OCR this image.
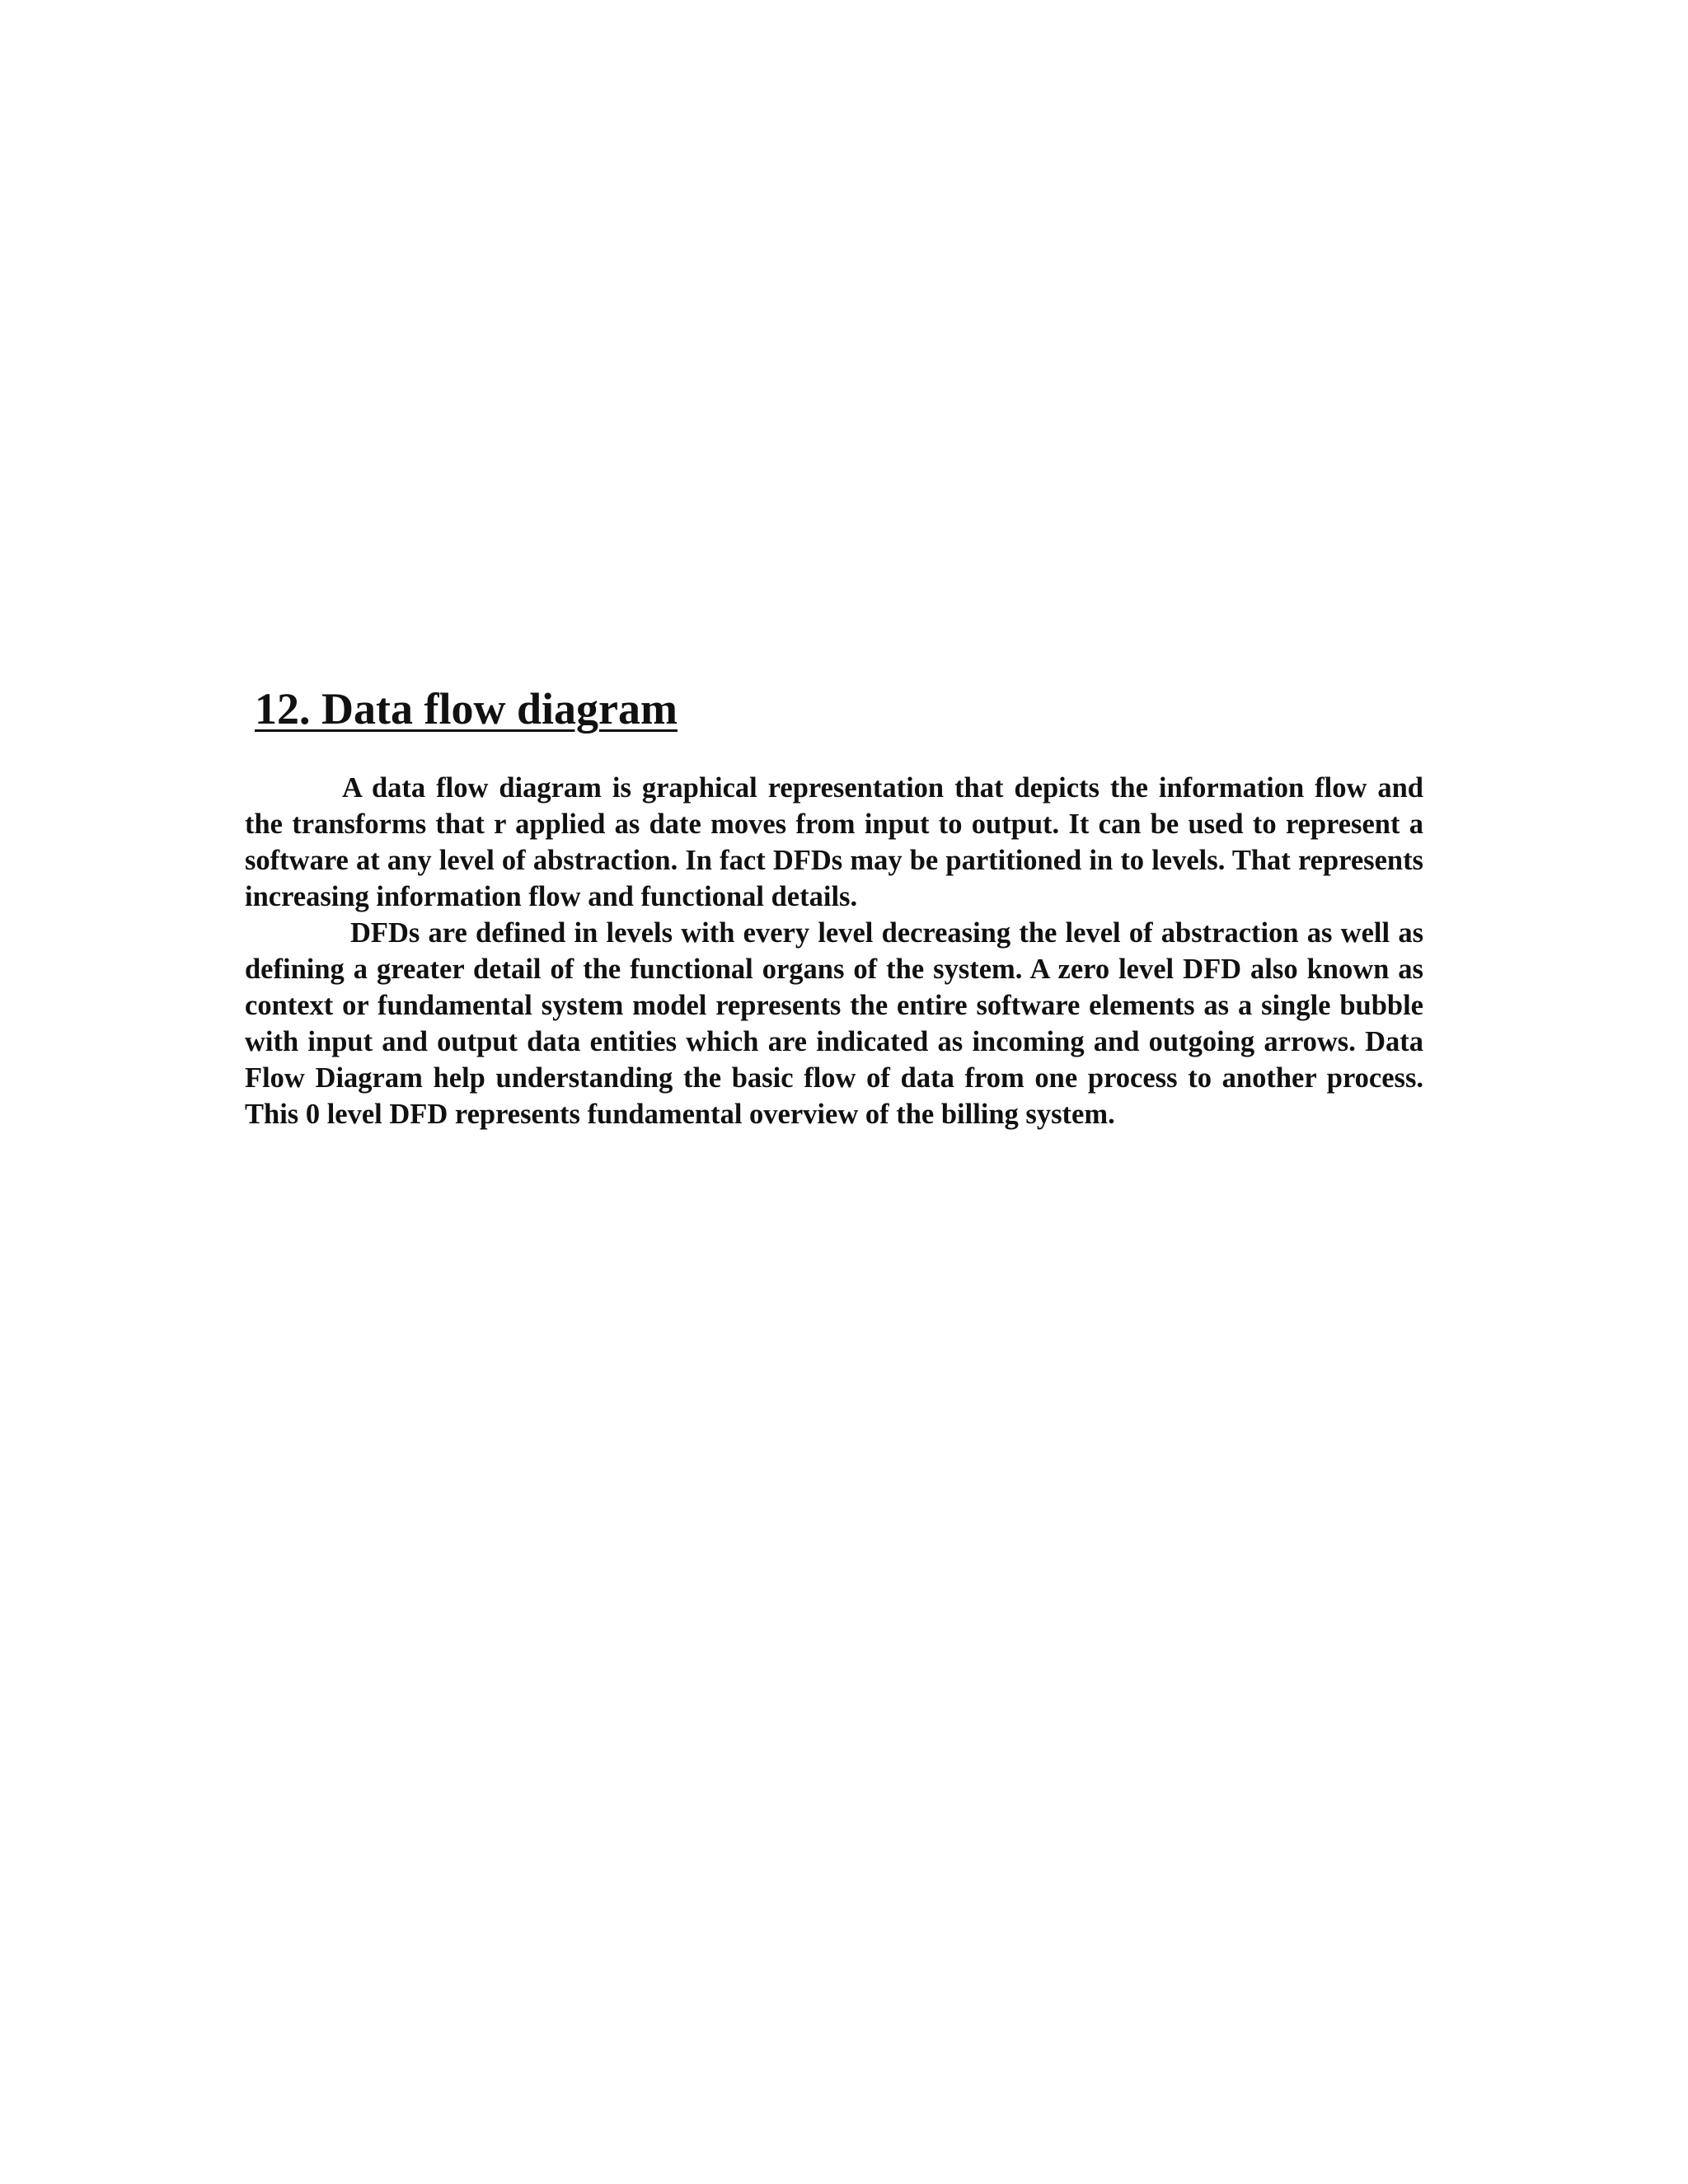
12. Data flow diagram

A data flow diagram is graphical representation that depicts the information flow and the transforms that r applied as date moves from input to output. It can be used to represent a software at any level of abstraction. In fact DFDs may be partitioned in to levels. That represents increasing information flow and functional details.

DFDs are defined in levels with every level decreasing the level of abstraction as well as defining a greater detail of the functional organs of the system. A zero level DFD also known as context or fundamental system model represents the entire software elements as a single bubble with input and output data entities which are indicated as incoming and outgoing arrows. Data Flow Diagram help understanding the basic flow of data from one process to another process. This 0 level DFD represents fundamental overview of the billing system.
